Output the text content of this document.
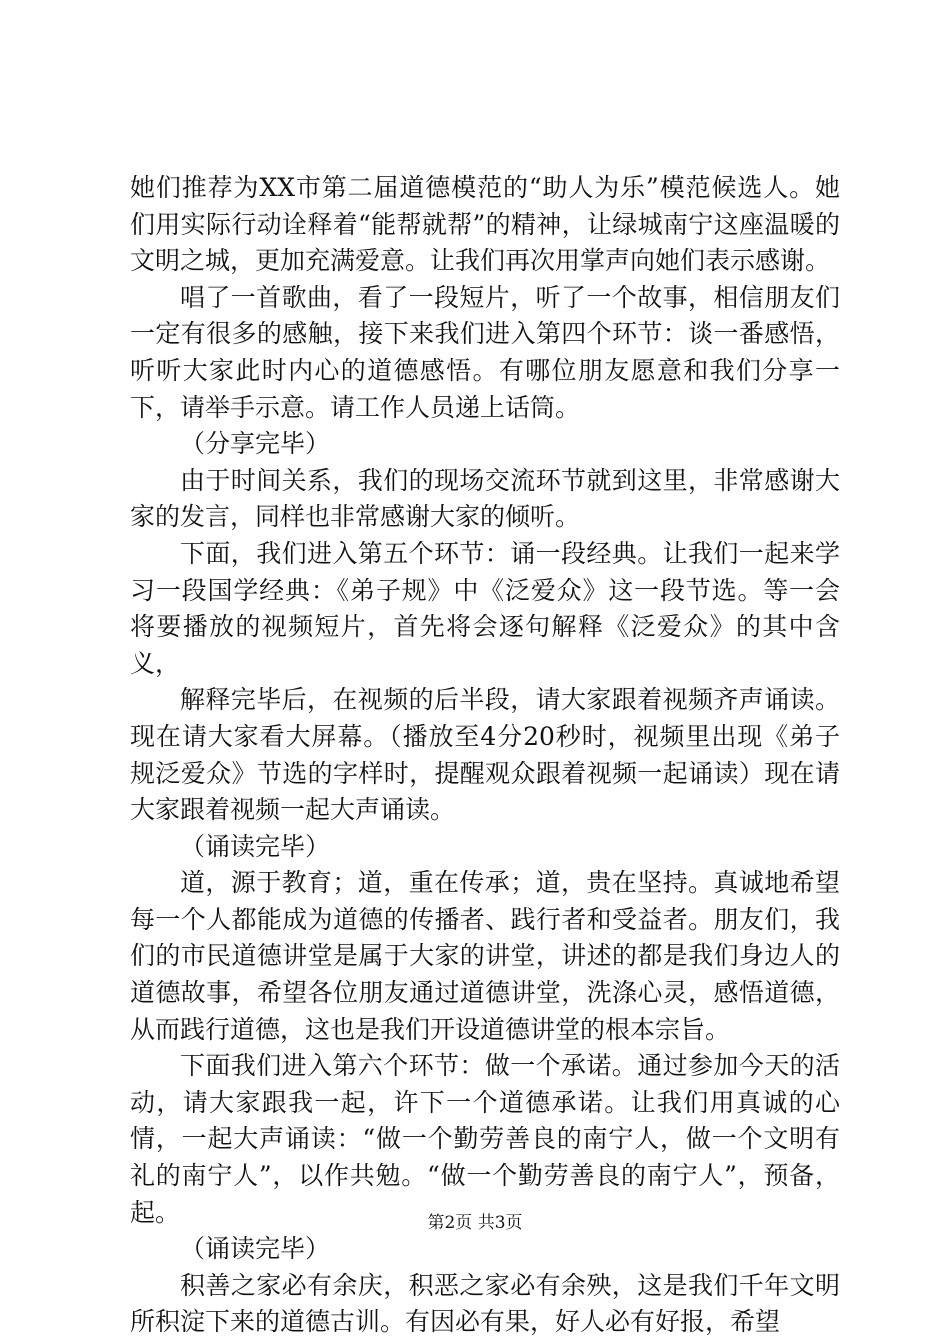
她们推荐为XX市第二届道德模范的“助人为乐”模范候选人。她们用实际行动诠释着“能帮就帮”的精神，让绿城南宁这座温暖的文明之城，更加充满爱意。让我们再次用掌声向她们表示感谢。

唱了一首歌曲，看了一段短片，听了一个故事，相信朋友们一定有很多的感触，接下来我们进入第四个环节：谈一番感悟，听听大家此时内心的道德感悟。有哪位朋友愿意和我们分享一下，请举手示意。请工作人员递上话筒。

（分享完毕）

由于时间关系，我们的现场交流环节就到这里，非常感谢大家的发言，同样也非常感谢大家的倾听。

下面，我们进入第五个环节：诵一段经典。让我们一起来学习一段国学经典：《弟子规》中《泛爱众》这一段节选。等一会将要播放的视频短片，首先将会逐句解释《泛爱众》的其中含义，

解释完毕后，在视频的后半段，请大家跟着视频齐声诵读。现在请大家看大屏幕。（播放至4分20秒时，视频里出现《弟子规泛爱众》节选的字样时，提醒观众跟着视频一起诵读）现在请大家跟着视频一起大声诵读。

（诵读完毕）

道，源于教育；道，重在传承；道，贵在坚持。真诚地希望每一个人都能成为道德的传播者、践行者和受益者。朋友们，我们的市民道德讲堂是属于大家的讲堂，讲述的都是我们身边人的道德故事，希望各位朋友通过道德讲堂，洗涤心灵，感悟道德，从而践行道德，这也是我们开设道德讲堂的根本宗旨。

下面我们进入第六个环节：做一个承诺。通过参加今天的活动，请大家跟我一起，许下一个道德承诺。让我们用真诚的心情，一起大声诵读：“做一个勤劳善良的南宁人，做一个文明有礼的南宁人”，以作共勉。“做一个勤劳善良的南宁人”，预备，起。

（诵读完毕）

积善之家必有余庆，积恶之家必有余殃，这是我们千年文明所积淀下来的道德古训。有因必有果，好人必有好报，希望

第2页 共3页
